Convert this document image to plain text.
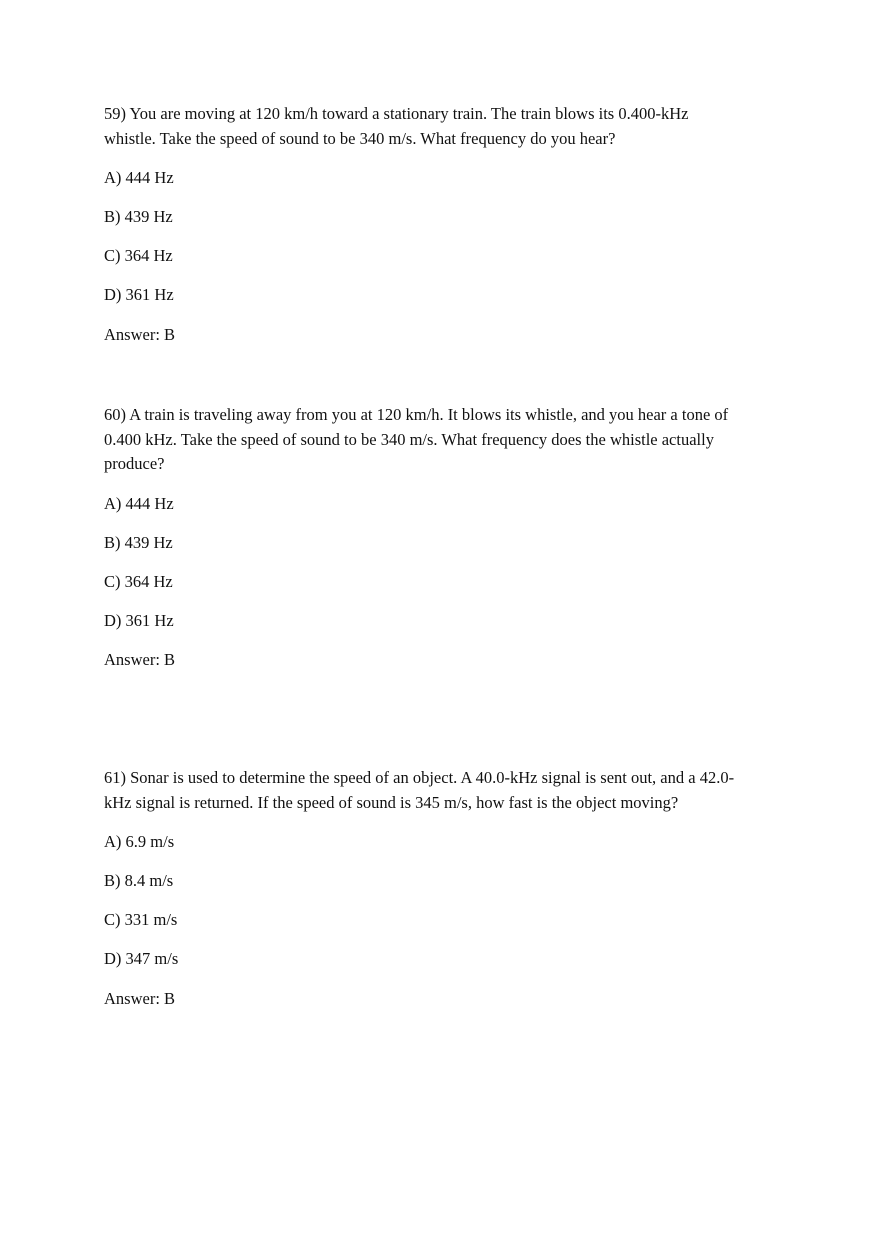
59) You are moving at 120 km/h toward a stationary train. The train blows its 0.400-kHz
whistle. Take the speed of sound to be 340 m/s. What frequency do you hear?
A) 444 Hz
B) 439 Hz
C) 364 Hz
D) 361 Hz
Answer: B
60) A train is traveling away from you at 120 km/h. It blows its whistle, and you hear a tone of
0.400 kHz. Take the speed of sound to be 340 m/s. What frequency does the whistle actually
produce?
A) 444 Hz
B) 439 Hz
C) 364 Hz
D) 361 Hz
Answer: B
61) Sonar is used to determine the speed of an object. A 40.0-kHz signal is sent out, and a 42.0-
kHz signal is returned. If the speed of sound is 345 m/s, how fast is the object moving?
A) 6.9 m/s
B) 8.4 m/s
C) 331 m/s
D) 347 m/s
Answer: B
